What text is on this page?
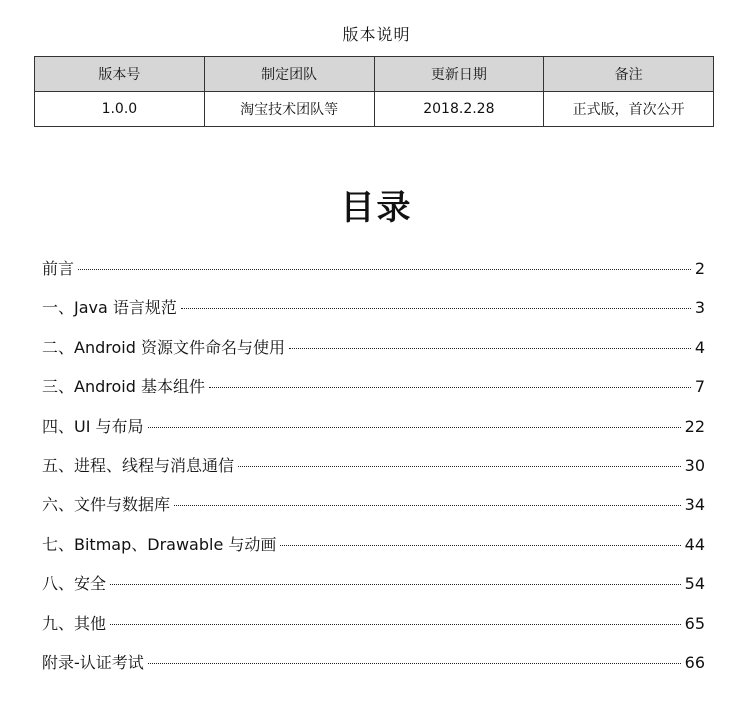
版本说明
版本号	制定团队	更新日期	备注
1.0.0	淘宝技术团队等	2018.2.28	正式版，首次公开
目录
前言	2
一、Java 语言规范	3
二、Android 资源文件命名与使用	4
三、Android 基本组件	7
四、UI 与布局	22
五、进程、线程与消息通信	30
六、文件与数据库	34
七、Bitmap、Drawable 与动画	44
八、安全	54
九、其他	65
附录-认证考试	66
